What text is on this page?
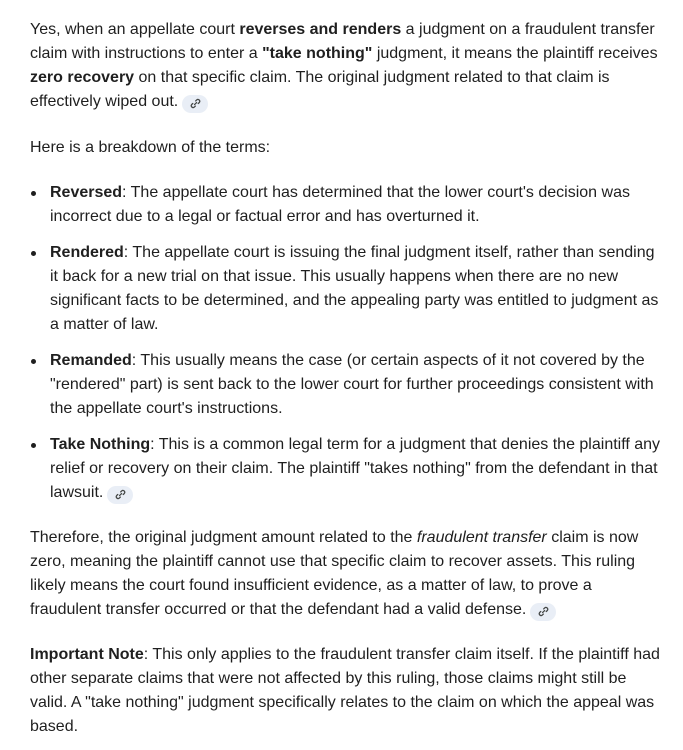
Yes, when an appellate court reverses and renders a judgment on a fraudulent transfer claim with instructions to enter a "take nothing" judgment, it means the plaintiff receives zero recovery on that specific claim. The original judgment related to that claim is effectively wiped out.

Here is a breakdown of the terms:

Reversed: The appellate court has determined that the lower court's decision was incorrect due to a legal or factual error and has overturned it.
Rendered: The appellate court is issuing the final judgment itself, rather than sending it back for a new trial on that issue. This usually happens when there are no new significant facts to be determined, and the appealing party was entitled to judgment as a matter of law.
Remanded: This usually means the case (or certain aspects of it not covered by the "rendered" part) is sent back to the lower court for further proceedings consistent with the appellate court's instructions.
Take Nothing: This is a common legal term for a judgment that denies the plaintiff any relief or recovery on their claim. The plaintiff "takes nothing" from the defendant in that lawsuit.

Therefore, the original judgment amount related to the fraudulent transfer claim is now zero, meaning the plaintiff cannot use that specific claim to recover assets. This ruling likely means the court found insufficient evidence, as a matter of law, to prove a fraudulent transfer occurred or that the defendant had a valid defense.

Important Note: This only applies to the fraudulent transfer claim itself. If the plaintiff had other separate claims that were not affected by this ruling, those claims might still be valid. A "take nothing" judgment specifically relates to the claim on which the appeal was based.
